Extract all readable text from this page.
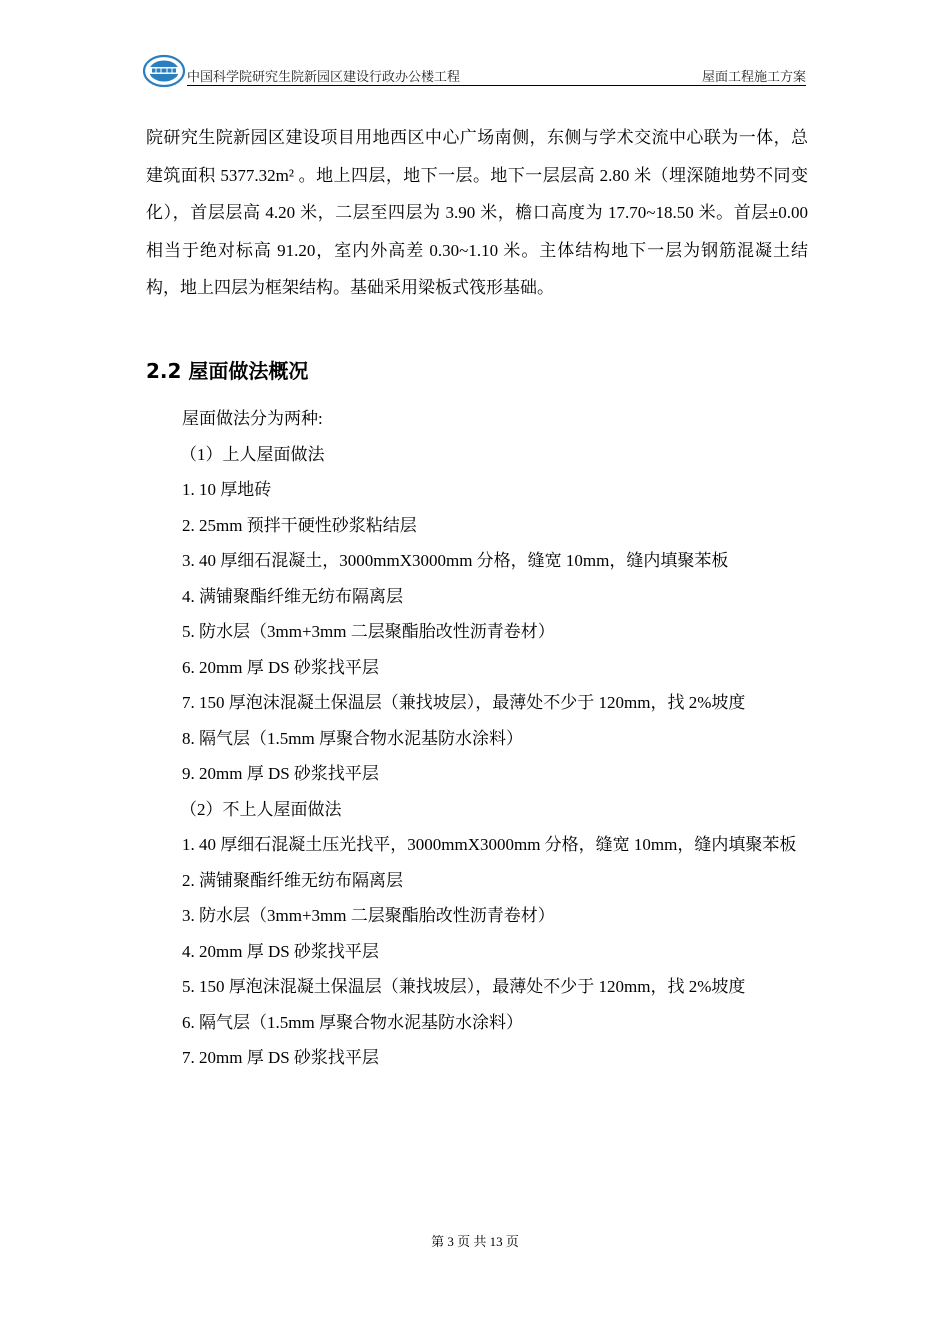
中国科学院研究生院新园区建设行政办公楼工程	屋面工程施工方案
院研究生院新园区建设项目用地西区中心广场南侧，东侧与学术交流中心联为一体，总建筑面积 5377.32m² 。地上四层，地下一层。地下一层层高 2.80 米（埋深随地势不同变化），首层层高 4.20 米，二层至四层为 3.90 米，檐口高度为 17.70~18.50 米。首层±0.00 相当于绝对标高 91.20，室内外高差 0.30~1.10 米。主体结构地下一层为钢筋混凝土结构，地上四层为框架结构。基础采用梁板式筏形基础。
2.2 屋面做法概况
屋面做法分为两种:
（1）上人屋面做法
1. 10 厚地砖
2. 25mm 预拌干硬性砂浆粘结层
3. 40 厚细石混凝土，3000mmX3000mm 分格，缝宽 10mm，缝内填聚苯板
4. 满铺聚酯纤维无纺布隔离层
5. 防水层（3mm+3mm 二层聚酯胎改性沥青卷材）
6. 20mm 厚 DS 砂浆找平层
7. 150 厚泡沫混凝土保温层（兼找坡层），最薄处不少于 120mm，找 2%坡度
8. 隔气层（1.5mm 厚聚合物水泥基防水涂料）
9. 20mm 厚 DS 砂浆找平层
（2）不上人屋面做法
1. 40 厚细石混凝土压光找平，3000mmX3000mm 分格，缝宽 10mm，缝内填聚苯板
2. 满铺聚酯纤维无纺布隔离层
3. 防水层（3mm+3mm 二层聚酯胎改性沥青卷材）
4. 20mm 厚 DS 砂浆找平层
5. 150 厚泡沫混凝土保温层（兼找坡层），最薄处不少于 120mm，找 2%坡度
6. 隔气层（1.5mm 厚聚合物水泥基防水涂料）
7. 20mm 厚 DS 砂浆找平层
第 3 页 共 13 页
